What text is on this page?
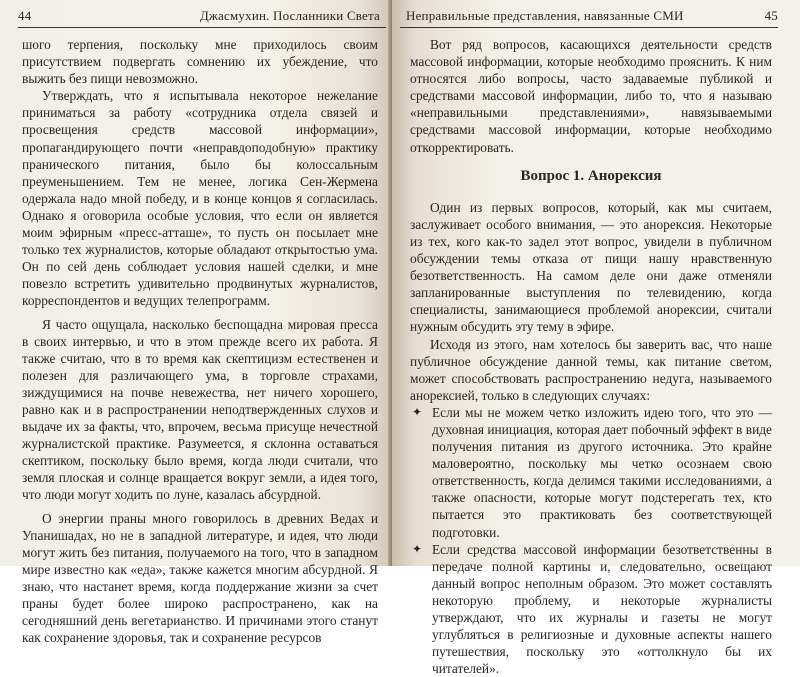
44	Джасмухин. Посланники Света

шого терпения, поскольку мне приходилось своим присутствием подвергать сомнению их убеждение, что выжить без пищи невозможно.

Утверждать, что я испытывала некоторое нежелание приниматься за работу «сотрудника отдела связей и просвещения средств массовой информации», пропагандирующего почти «неправдоподобную» практику праничеcкого питания, было бы колоссальным преуменьшением. Тем не менее, логика Сен-Жермена одержала надо мной победу, и в конце концов я согласилась. Однако я оговорила особые условия, что если он является моим эфирным «пресс-атташе», то пусть он посылает мне только тех журналистов, которые обладают открытостью ума. Он по сей день соблюдает условия нашей сделки, и мне повезло встретить удивительно продвинутых журналистов, корреспондентов и ведущих телепрограмм.

Я часто ощущала, насколько беспощадна мировая пресса в своих интервью, и что в этом прежде всего их работа. Я также считаю, что в то время как скептицизм естественен и полезен для различающего ума, в торговле страхами, зиждущимися на почве невежества, нет ничего хорошего, равно как и в распространении неподтвержденных слухов и выдаче их за факты, что, впрочем, весьма присуще нечестной журналистской практике. Разумеется, я склонна оставаться скептиком, поскольку было время, когда люди считали, что земля плоская и солнце вращается вокруг земли, а идея того, что люди могут ходить по луне, казалась абсурдной.

О энергии праны много говорилось в древних Ведах и Упанишадах, но не в западной литературе, и идея, что люди могут жить без питания, получаемого на того, что в западном мире известно как «еда», также кажется многим абсурдной. Я знаю, что настанет время, когда поддержание жизни за счет праны будет более широко распространено, как на сегодняшний день вегетарианство. И причинами этого станут как сохранение здоровья, так и сохранение ресурсов

Неправильные представления, навязанные СМИ	45

Вот ряд вопросов, касающихся деятельности средств массовой информации, которые необходимо прояснить. К ним относятся либо вопросы, часто задаваемые публикой и средствами массовой информации, либо то, что я называю «неправильными представлениями», навязываемыми средствами массовой информации, которые необходимо откорректировать.

Вопрос 1. Анорексия

Один из первых вопросов, который, как мы считаем, заслуживает особого внимания, — это анорексия. Некоторые из тех, кого как-то задел этот вопрос, увидели в публичном обсуждении темы отказа от пищи нашу нравственную безответственность. На самом деле они даже отменяли запланированные выступления по телевидению, когда специалисты, занимающиеся проблемой анорексии, считали нужным обсудить эту тему в эфире.

Исходя из этого, нам хотелось бы заверить вас, что наше публичное обсуждение данной темы, как питание светом, может способствовать распространению недуга, называемого анорексией, только в следующих случаях:

✦ Если мы не можем четко изложить идею того, что это — духовная инициация, которая дает побочный эффект в виде получения питания из другого источника. Это крайне маловероятно, поскольку мы четко осознаем свою ответственность, когда делимся такими исследованиями, а также опасности, которые могут подстерегать тех, кто пытается это практиковать без соответствующей подготовки.

✦ Если средства массовой информации безответственны в передаче полной картины и, следовательно, освещают данный вопрос неполным образом. Это может составлять некоторую проблему, и некоторые журналисты утверждают, что их журналы и газеты не могут углубляться в религиозные и духовные аспекты нашего путешествия, поскольку это «оттолкнуло бы их читателей».
